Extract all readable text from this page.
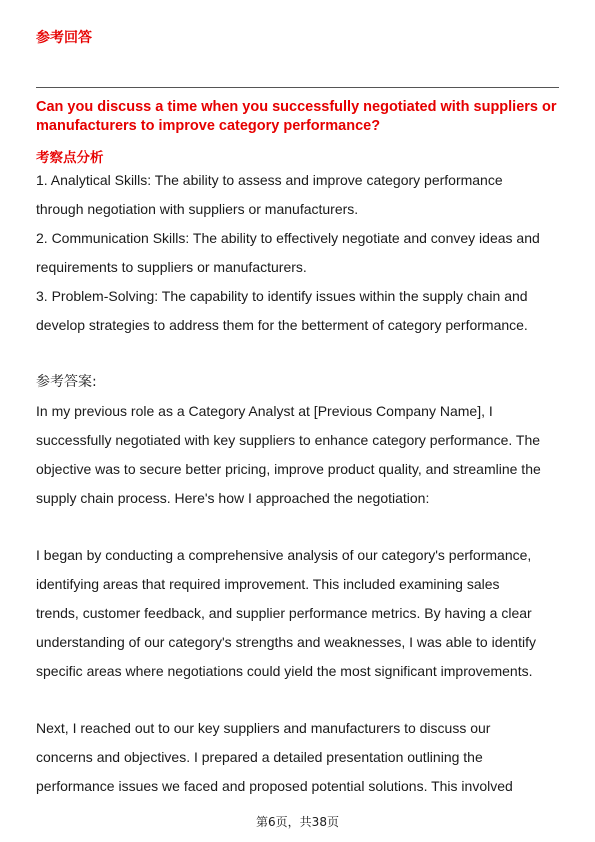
参考回答
Can you discuss a time when you successfully negotiated with suppliers or
manufacturers to improve category performance?
考察点分析
1. Analytical Skills: The ability to assess and improve category performance
through negotiation with suppliers or manufacturers.
2. Communication Skills: The ability to effectively negotiate and convey ideas and
requirements to suppliers or manufacturers.
3. Problem-Solving: The capability to identify issues within the supply chain and
develop strategies to address them for the betterment of category performance.
参考答案:
In my previous role as a Category Analyst at [Previous Company Name], I
successfully negotiated with key suppliers to enhance category performance. The
objective was to secure better pricing, improve product quality, and streamline the
supply chain process. Here's how I approached the negotiation:
I began by conducting a comprehensive analysis of our category's performance,
identifying areas that required improvement. This included examining sales
trends, customer feedback, and supplier performance metrics. By having a clear
understanding of our category's strengths and weaknesses, I was able to identify
specific areas where negotiations could yield the most significant improvements.
Next, I reached out to our key suppliers and manufacturers to discuss our
concerns and objectives. I prepared a detailed presentation outlining the
performance issues we faced and proposed potential solutions. This involved
第6页，共38页
